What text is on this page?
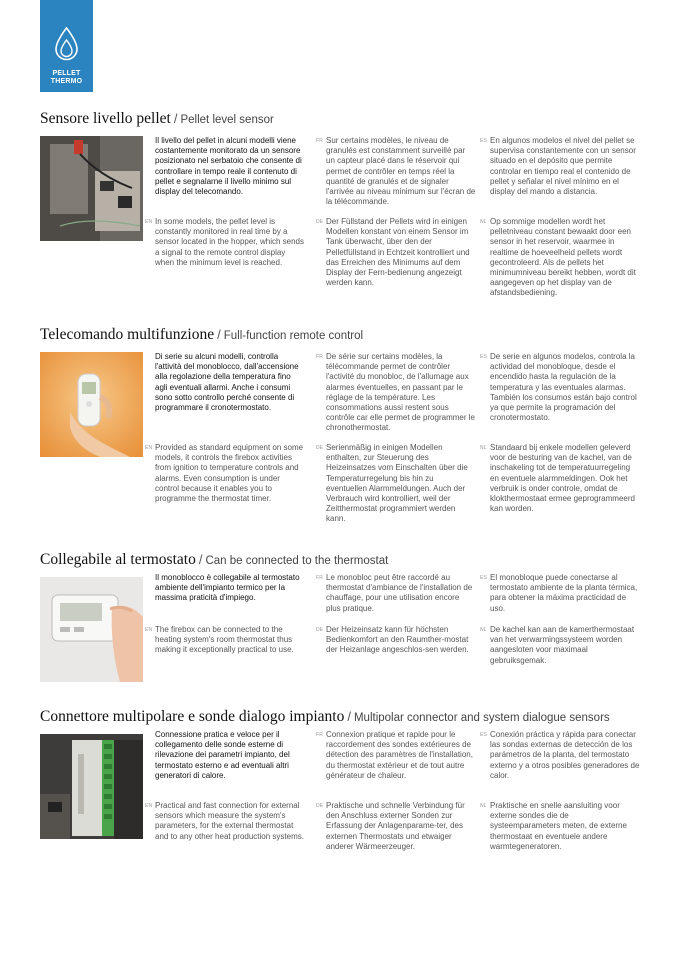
PELLET
THERMO
Sensore livello pellet / Pellet level sensor
Il livello del pellet in alcuni modelli viene costantemente monitorato da un sensore posizionato nel serbatoio che consente di controllare in tempo reale il contenuto di pellet e segnalarne il livello minimo sul display del telecomando.
FR Sur certains modèles, le niveau de granulés est constamment surveillé par un capteur placé dans le réservoir qui permet de contrôler en temps réel la quantité de granulés et de signaler l'arrivée au niveau minimum sur l'écran de la télécommande.
ES En algunos modelos el nivel del pellet se supervisa constantemente con un sensor situado en el depósito que permite controlar en tiempo real el contenido de pellet y señalar el nivel mínimo en el display del mando a distancia.
EN In some models, the pellet level is constantly monitored in real time by a sensor located in the hopper, which sends a signal to the remote control display when the minimum level is reached.
DE Der Füllstand der Pellets wird in einigen Modellen konstant von einem Sensor im Tank überwacht, über den der Pelletfüllstand in Echtzeit kontrolliert und das Erreichen des Minimums auf dem Display der Fern-bedienung angezeigt werden kann.
NL Op sommige modellen wordt het pelletniveau constant bewaakt door een sensor in het reservoir, waarmee in realtime de hoeveelheid pellets wordt gecontroleerd. Als de pellets het minimumniveau bereikt hebben, wordt dit aangegeven op het display van de afstandsbediening.
Telecomando multifunzione / Full-function remote control
Di serie su alcuni modelli, controlla l'attività del monoblocco, dall'accensione alla regolazione della temperatura fino agli eventuali allarmi. Anche i consumi sono sotto controllo perché consente di programmare il cronotermostato.
FR De série sur certains modèles, la télécommande permet de contrôler l'activité du monobloc, de l'allumage aux alarmes éventuelles, en passant par le réglage de la température. Les consommations aussi restent sous contrôle car elle permet de programmer le chronothermostat.
ES De serie en algunos modelos, controla la actividad del monobloque, desde el encendido hasta la regulación de la temperatura y las eventuales alarmas. También los consumos están bajo control ya que permite la programación del cronotermostato.
EN Provided as standard equipment on some models, it controls the firebox activities from ignition to temperature controls and alarms. Even consumption is under control because it enables you to programme the thermostat timer.
DE Serienmäßig in einigen Modellen enthalten, zur Steuerung des Heizeinsatzes vom Einschalten über die Temperaturregelung bis hin zu eventuellen Alarmmeldungen. Auch der Verbrauch wird kontrolliert, weil der Zeitthermostat programmiert werden kann.
NL Standaard bij enkele modellen geleverd voor de besturing van de kachel, van de inschakeling tot de temperatuurregeling en eventuele alarmmeldingen. Ook het verbruik is onder controle, omdat de klokthermostaat ermee geprogrammeerd kan worden.
Collegabile al termostato / Can be connected to the thermostat
Il monoblocco è collegabile al termostato ambiente dell'impianto termico per la massima praticità d'impiego.
FR Le monobloc peut être raccordé au thermostat d'ambiance de l'installation de chauffage, pour une utilisation encore plus pratique.
ES El monobloque puede conectarse al termostato ambiente de la planta térmica, para obtener la máxima practicidad de uso.
EN The firebox can be connected to the heating system's room thermostat thus making it exceptionally practical to use.
DE Der Heizeinsatz kann für höchsten Bedienkomfort an den Raumther-mostat der Heizanlage angeschlos-sen werden.
NL De kachel kan aan de kamerthermostaat van het verwarmingssysteem worden aangesloten voor maximaal gebruiksgemak.
Connettore multipolare e sonde dialogo impianto / Multipolar connector and system dialogue sensors
Connessione pratica e veloce per il collegamento delle sonde esterne di rilevazione dei parametri impianto, del termostato esterno e ad eventuali altri generatori di calore.
FR Connexion pratique et rapide pour le raccordement des sondes extérieures de détection des paramètres de l'installation, du thermostat extérieur et de tout autre générateur de chaleur.
ES Conexión práctica y rápida para conectar las sondas externas de detección de los parámetros de la planta, del termostato externo y a otros posibles generadores de calor.
EN Practical and fast connection for external sensors which measure the system's parameters, for the external thermostat and to any other heat production systems.
DE Praktische und schnelle Verbindung für den Anschluss externer Sonden zur Erfassung der Anlagenparame-ter, des externen Thermostats und etwaiger anderer Wärmeerzeuger.
NL Praktische en snelle aansluiting voor externe sondes die de systeemparameters meten, de externe thermostaat en eventuele andere warmtegeneratoren.
